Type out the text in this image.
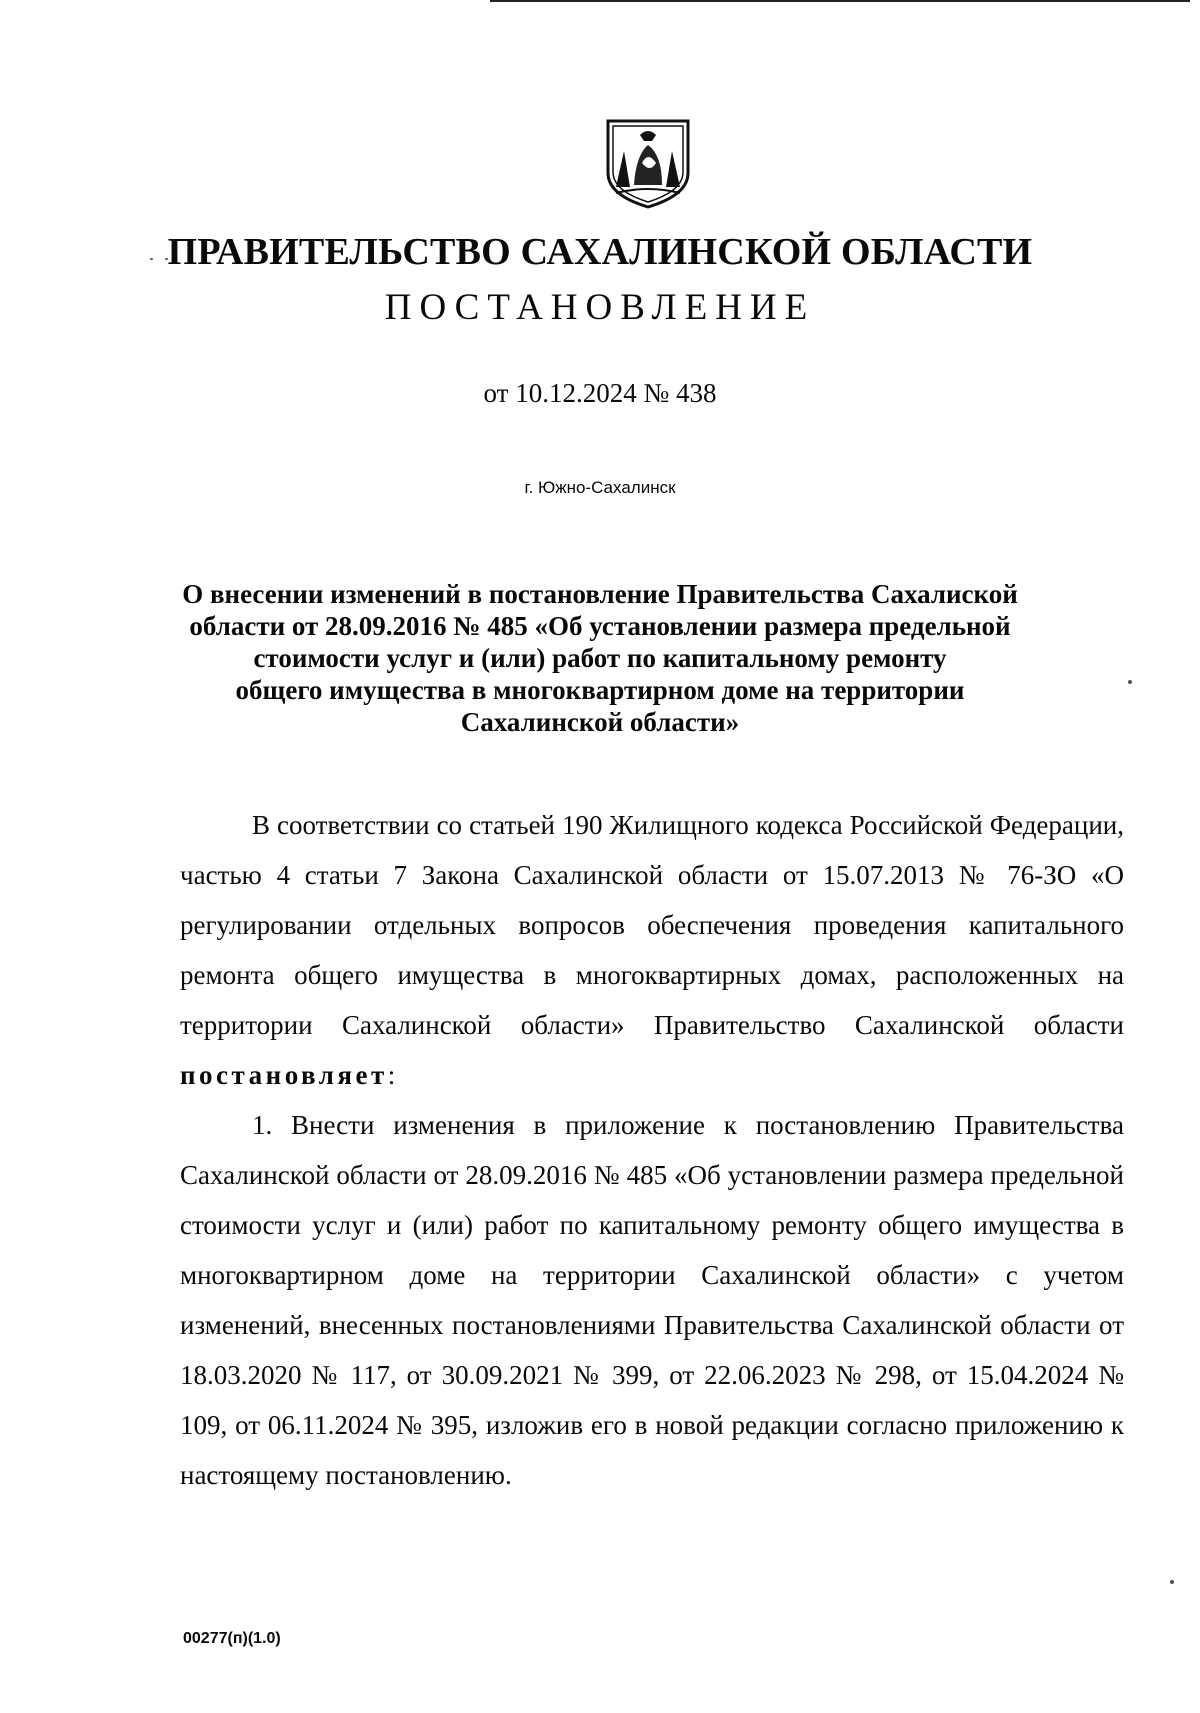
ПРАВИТЕЛЬСТВО САХАЛИНСКОЙ ОБЛАСТИ
ПОСТАНОВЛЕНИЕ
от 10.12.2024 № 438
г. Южно-Сахалинск
О внесении изменений в постановление Правительства Сахалиской
области от 28.09.2016 № 485 «Об установлении размера предельной
стоимости услуг и (или) работ по капитальному ремонту
общего имущества в многоквартирном доме на территории
Сахалинской области»

В соответствии со статьей 190 Жилищного кодекса Российской Федерации, частью 4 статьи 7 Закона Сахалинской области от 15.07.2013 № 76-ЗО «О регулировании отдельных вопросов обеспечения проведения капитального ремонта общего имущества в многоквартирных домах, расположенных на территории Сахалинской области» Правительство Сахалинской области постановляет:

1. Внести изменения в приложение к постановлению Правительства Сахалинской области от 28.09.2016 № 485 «Об установлении размера предельной стоимости услуг и (или) работ по капитальному ремонту общего имущества в многоквартирном доме на территории Сахалинской области» с учетом изменений, внесенных постановлениями Правительства Сахалинской области от 18.03.2020 № 117, от 30.09.2021 № 399, от 22.06.2023 № 298, от 15.04.2024 № 109, от 06.11.2024 № 395, изложив его в новой редакции согласно приложению к настоящему постановлению.

00277(п)(1.0)
